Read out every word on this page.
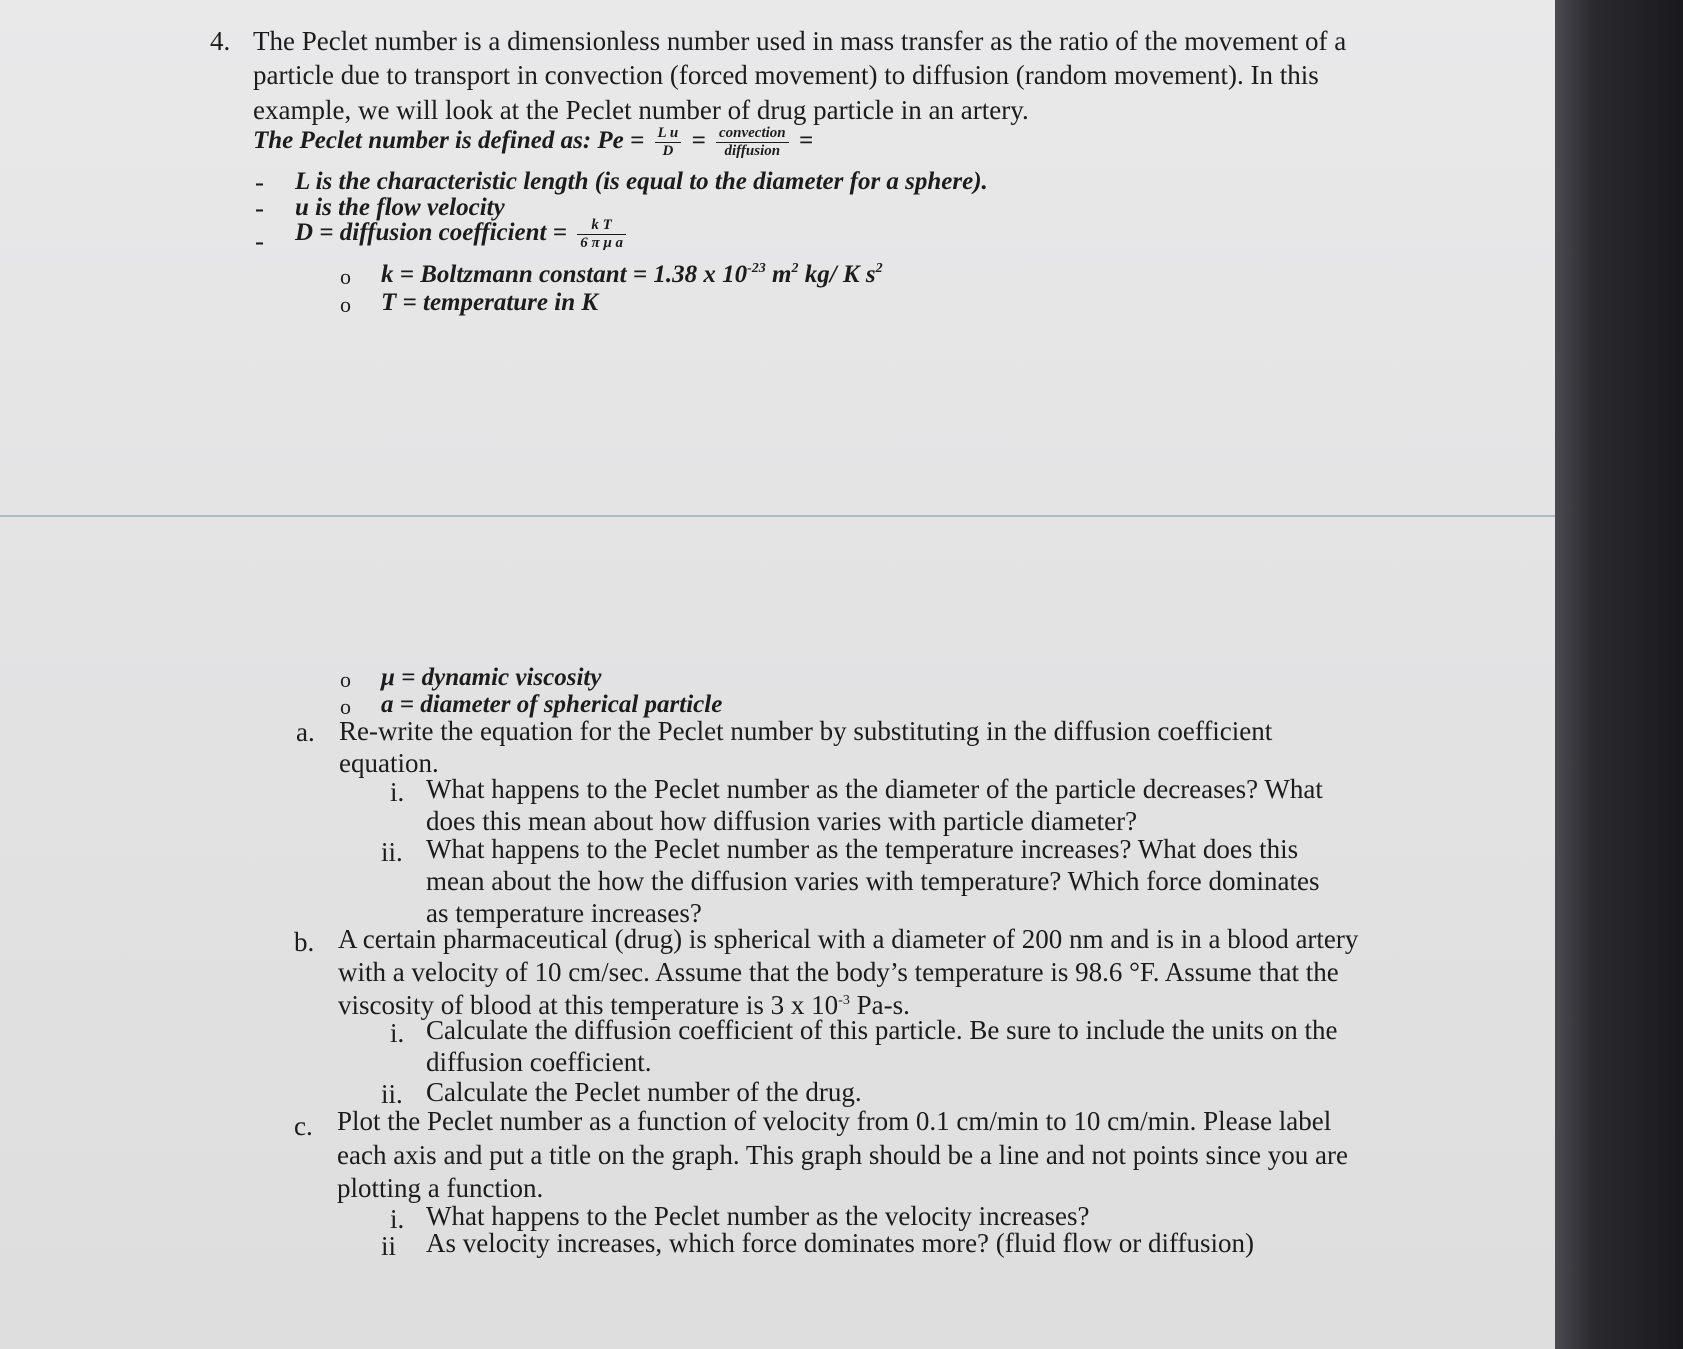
4. The Peclet number is a dimensionless number used in mass transfer as the ratio of the movement of a
particle due to transport in convection (forced movement) to diffusion (random movement). In this
example, we will look at the Peclet number of drug particle in an artery.
The Peclet number is defined as: $Pe = \frac{\text{L u}}{D} = \frac{\text{convection}}{\text{diffusion}}$ =
- L is the characteristic length (is equal to the diameter for a sphere).
- u is the flow velocity
- D = diffusion coefficient = $\frac{\text{k T}}{\text{6 π μ a}}$
o k = Boltzmann constant = 1.38 x $10^{-23}$ $m^2$ kg/ K $s^2$
o T = temperature in K
o μ = dynamic viscosity
o a = diameter of spherical particle
a. Re-write the equation for the Peclet number by substituting in the diffusion coefficient
equation.
i. What happens to the Peclet number as the diameter of the particle decreases? What
does this mean about how diffusion varies with particle diameter?
ii. What happens to the Peclet number as the temperature increases? What does this
mean about the how the diffusion varies with temperature? Which force dominates
as temperature increases?
b. A certain pharmaceutical (drug) is spherical with a diameter of 200 nm and is in a blood artery
with a velocity of 10 cm/sec. Assume that the body’s temperature is 98.6 °F. Assume that the
viscosity of blood at this temperature is 3 x $10^{-3}$ Pa-s.
i. Calculate the diffusion coefficient of this particle. Be sure to include the units on the
diffusion coefficient.
ii. Calculate the Peclet number of the drug.
c. Plot the Peclet number as a function of velocity from 0.1 cm/min to 10 cm/min. Please label
each axis and put a title on the graph. This graph should be a line and not points since you are
plotting a function.
i. What happens to the Peclet number as the velocity increases?
ii As velocity increases, which force dominates more? (fluid flow or diffusion)
